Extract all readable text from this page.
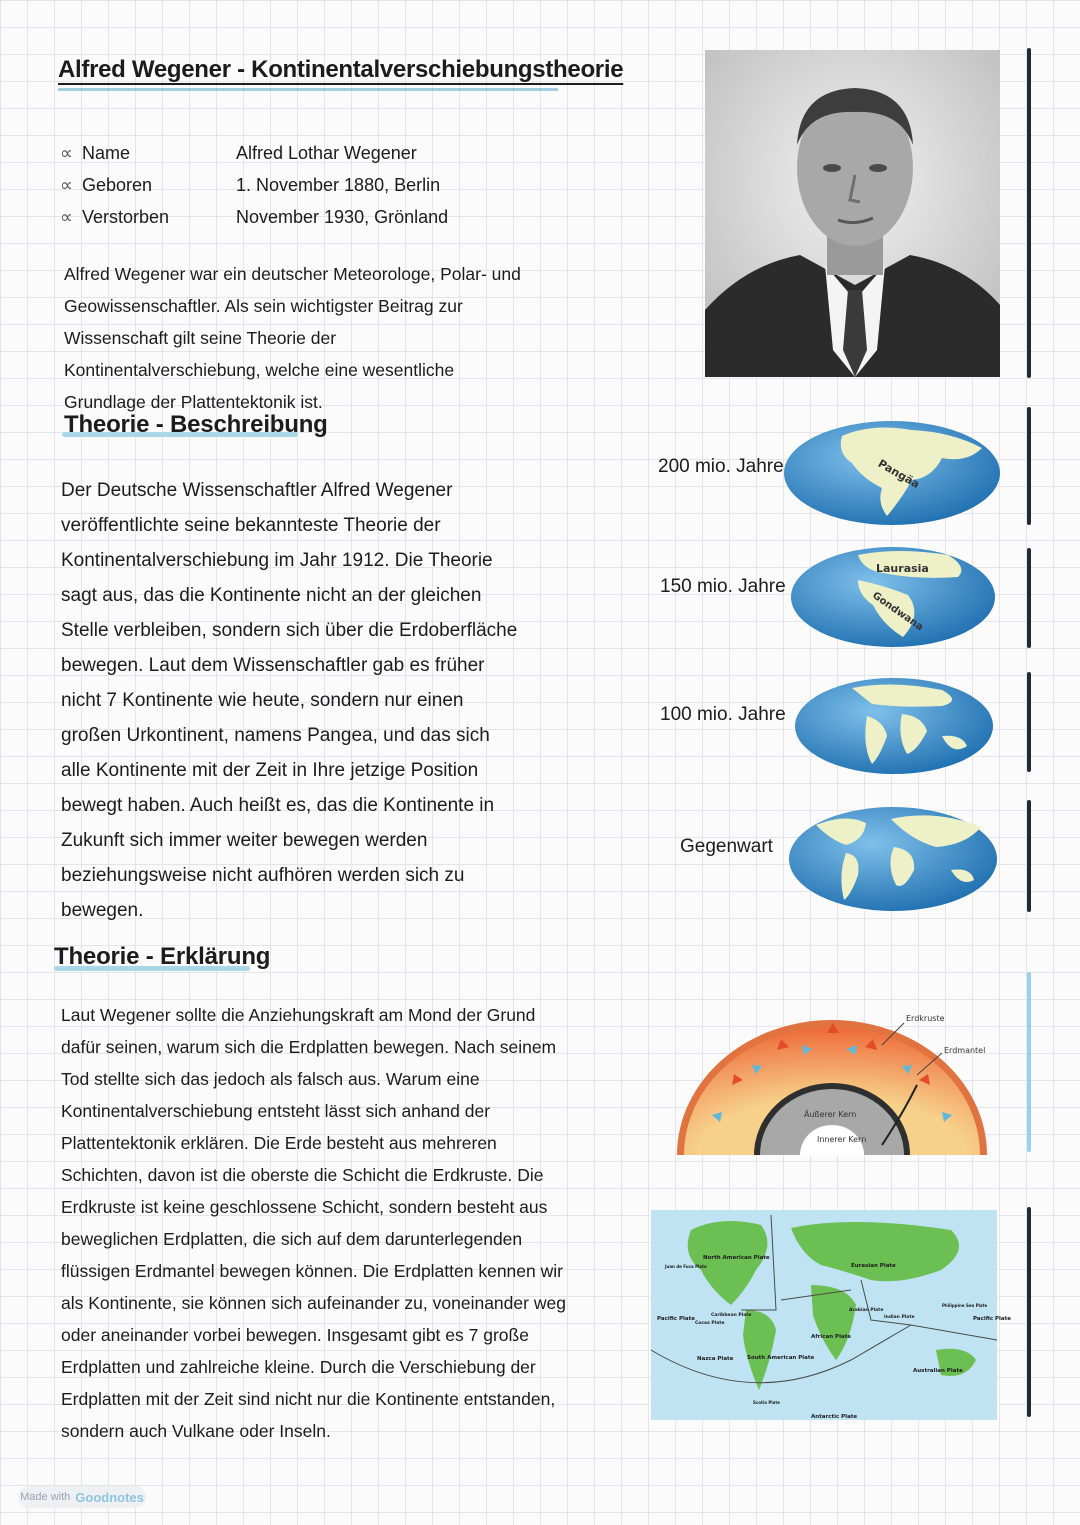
Alfred Wegener - Kontinentalverschiebungstheorie
∝ Name	Alfred Lothar Wegener
∝ Geboren	1. November 1880, Berlin
∝ Verstorben	November 1930, Grönland
Alfred Wegener war ein deutscher Meteorologe, Polar- und Geowissenschaftler. Als sein wichtigster Beitrag zur Wissenschaft gilt seine Theorie der Kontinentalverschiebung, welche eine wesentliche Grundlage der Plattentektonik ist.
Theorie - Beschreibung
Der Deutsche Wissenschaftler Alfred Wegener veröffentlichte seine bekannteste Theorie der Kontinentalverschiebung im Jahr 1912. Die Theorie sagt aus, das die Kontinente nicht an der gleichen Stelle verbleiben, sondern sich über die Erdoberfläche bewegen. Laut dem Wissenschaftler gab es früher nicht 7 Kontinente wie heute, sondern nur einen großen Urkontinent, namens Pangea, und das sich alle Kontinente mit der Zeit in Ihre jetzige Position bewegt haben. Auch heißt es, das die Kontinente in Zukunft sich immer weiter bewegen werden beziehungsweise nicht aufhören werden sich zu bewegen.
200 mio. Jahre
150 mio. Jahre
100 mio. Jahre
Gegenwart
Pangäa
Laurasia
Gondwana
Theorie - Erklärung
Laut Wegener sollte die Anziehungskraft am Mond der Grund dafür seinen, warum sich die Erdplatten bewegen. Nach seinem Tod stellte sich das jedoch als falsch aus. Warum eine Kontinentalverschiebung entsteht lässt sich anhand der Plattentektonik erklären. Die Erde besteht aus mehreren Schichten, davon ist die oberste die Schicht die Erdkruste. Die Erdkruste ist keine geschlossene Schicht, sondern besteht aus beweglichen Erdplatten, die sich auf dem darunterlegenden flüssigen Erdmantel bewegen können. Die Erdplatten kennen wir als Kontinente, sie können sich aufeinander zu, voneinander weg oder aneinander vorbei bewegen. Insgesamt gibt es 7 große Erdplatten und zahlreiche kleine. Durch die Verschiebung der Erdplatten mit der Zeit sind nicht nur die Kontinente entstanden, sondern auch Vulkane oder Inseln.
Erdkruste
Erdmantel
Äußerer Kern
Innerer Kern
North American Plate
Eurasian Plate
Pacific Plate	Pacific Plate
Juan de Fuca Plate
Cocos Plate
Caribbean Plate
Nazca Plate South American Plate
African Plate
Arabian Plate
Indian Plate
Philippine Sea Plate
Australian Plate
Scotia Plate
Antarctic Plate
Made with Goodnotes
